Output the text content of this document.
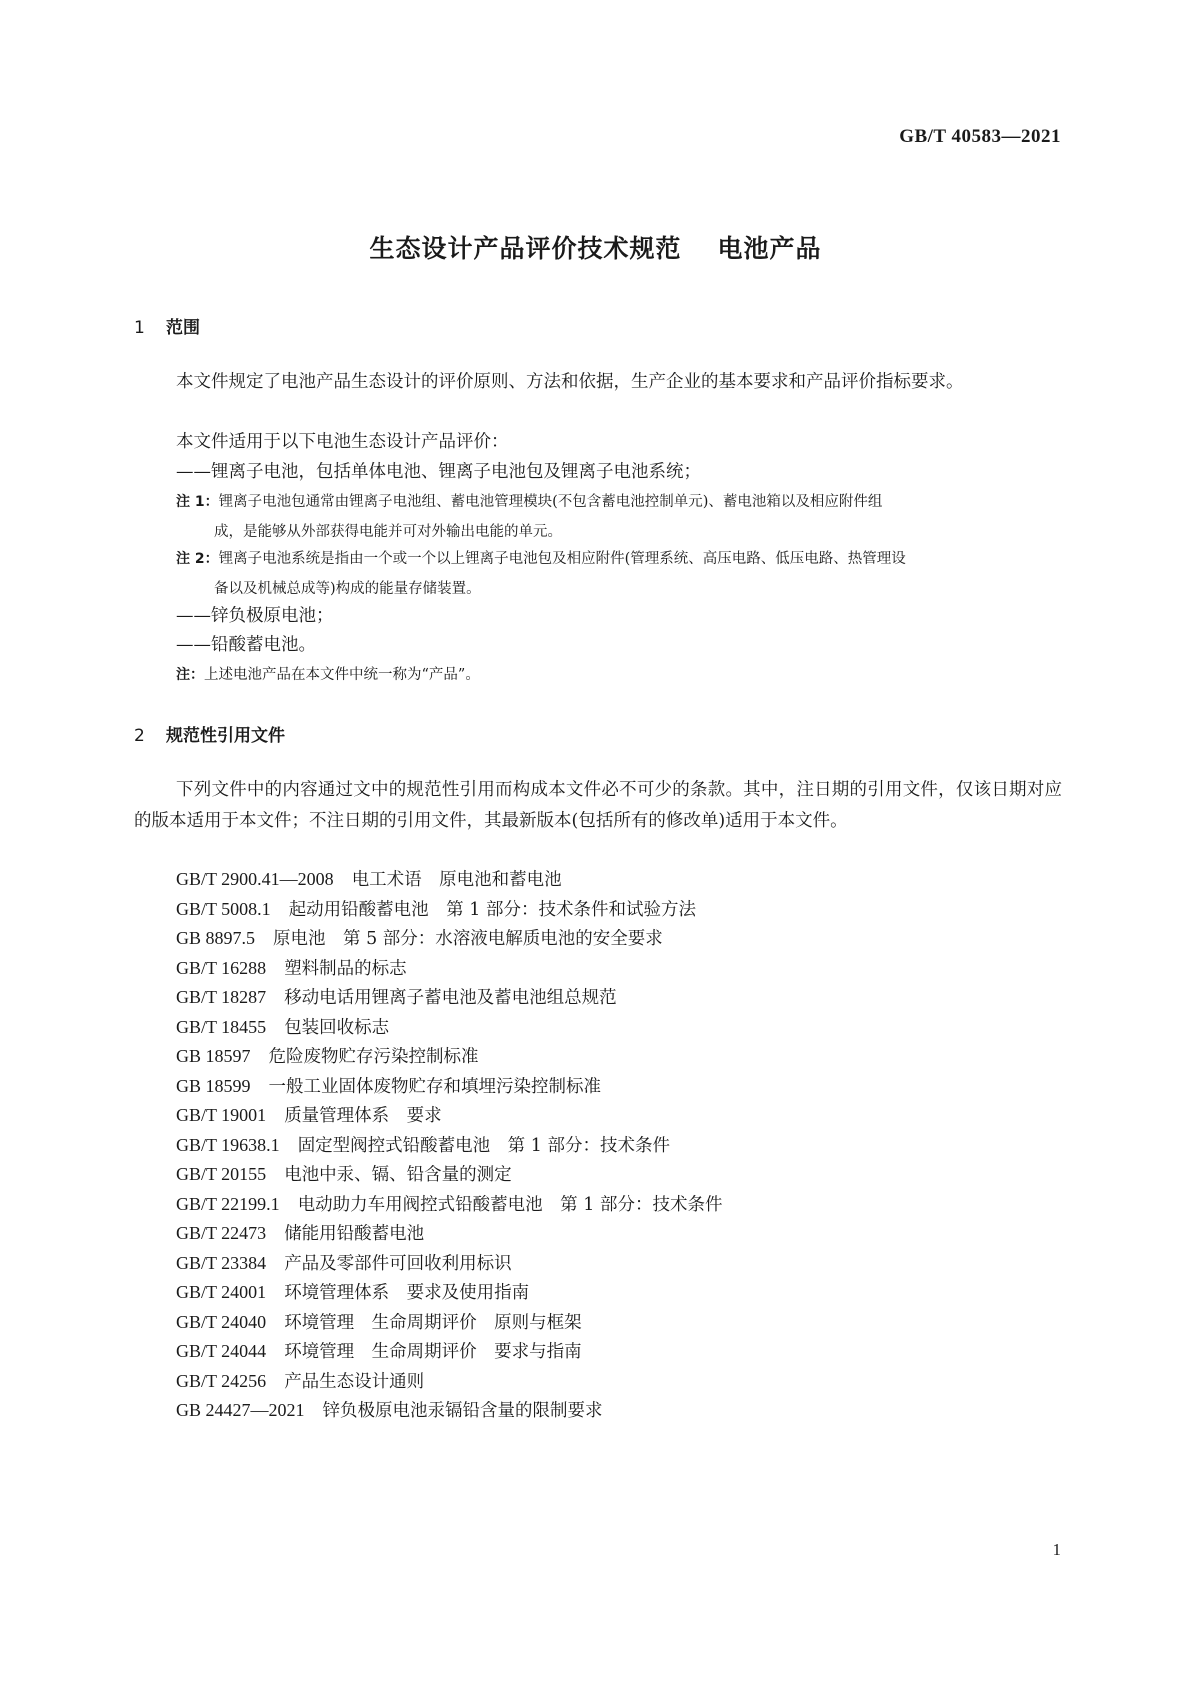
GB/T 40583—2021
生态设计产品评价技术规范 电池产品
1 范围
本文件规定了电池产品生态设计的评价原则、方法和依据，生产企业的基本要求和产品评价指标要求。
本文件适用于以下电池生态设计产品评价：
——锂离子电池，包括单体电池、锂离子电池包及锂离子电池系统；
注 1：锂离子电池包通常由锂离子电池组、蓄电池管理模块(不包含蓄电池控制单元)、蓄电池箱以及相应附件组
成，是能够从外部获得电能并可对外输出电能的单元。
注 2：锂离子电池系统是指由一个或一个以上锂离子电池包及相应附件(管理系统、高压电路、低压电路、热管理设
备以及机械总成等)构成的能量存储装置。
——锌负极原电池；
——铅酸蓄电池。
注：上述电池产品在本文件中统一称为“产品”。
2 规范性引用文件
下列文件中的内容通过文中的规范性引用而构成本文件必不可少的条款。其中，注日期的引用文件，仅该日期对应的版本适用于本文件；不注日期的引用文件，其最新版本(包括所有的修改单)适用于本文件。
GB/T 2900.41—2008 电工术语　原电池和蓄电池
GB/T 5008.1 起动用铅酸蓄电池　第 1 部分：技术条件和试验方法
GB 8897.5 原电池　第 5 部分：水溶液电解质电池的安全要求
GB/T 16288 塑料制品的标志
GB/T 18287 移动电话用锂离子蓄电池及蓄电池组总规范
GB/T 18455 包装回收标志
GB 18597 危险废物贮存污染控制标准
GB 18599 一般工业固体废物贮存和填埋污染控制标准
GB/T 19001 质量管理体系　要求
GB/T 19638.1 固定型阀控式铅酸蓄电池　第 1 部分：技术条件
GB/T 20155 电池中汞、镉、铅含量的测定
GB/T 22199.1 电动助力车用阀控式铅酸蓄电池　第 1 部分：技术条件
GB/T 22473 储能用铅酸蓄电池
GB/T 23384 产品及零部件可回收利用标识
GB/T 24001 环境管理体系　要求及使用指南
GB/T 24040 环境管理　生命周期评价　原则与框架
GB/T 24044 环境管理　生命周期评价　要求与指南
GB/T 24256 产品生态设计通则
GB 24427—2021 锌负极原电池汞镉铅含量的限制要求
1
